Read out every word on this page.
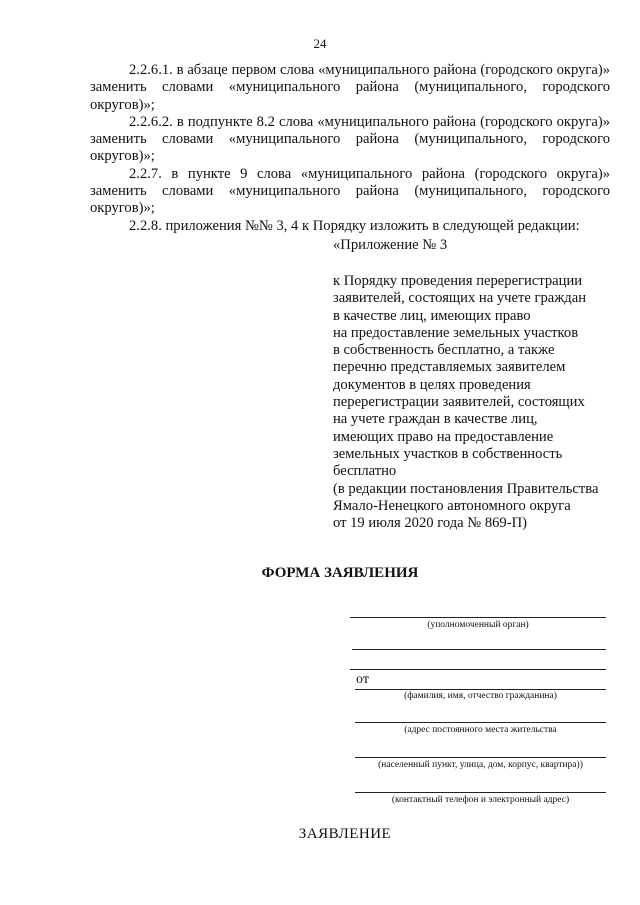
24

2.2.6.1. в абзаце первом слова «муниципального района (городского округа)» заменить словами «муниципального района (муниципального, городского округов)»;

2.2.6.2. в подпункте 8.2 слова «муниципального района (городского округа)» заменить словами «муниципального района (муниципального, городского округов)»;

2.2.7. в пункте 9 слова «муниципального района (городского округа)» заменить словами «муниципального района (муниципального, городского округов)»;

2.2.8. приложения №№ 3, 4 к Порядку изложить в следующей редакции:

«Приложение № 3
к Порядку проведения перерегистрации
заявителей, состоящих на учете граждан
в качестве лиц, имеющих право
на предоставление земельных участков
в собственность бесплатно, а также
перечню представляемых заявителем
документов в целях проведения
перерегистрации заявителей, состоящих
на учете граждан в качестве лиц,
имеющих право на предоставление
земельных участков в собственность
бесплатно
(в редакции постановления Правительства
Ямало-Ненецкого автономного округа
от 19 июля 2020 года № 869-П)
ФОРМА ЗАЯВЛЕНИЯ
(уполномоченный орган)
от
(фамилия, имя, отчество гражданина)
(адрес постоянного места жительства
(населенный пункт, улица, дом, корпус, квартира))
(контактный телефон и электронный адрес)
ЗАЯВЛЕНИЕ
